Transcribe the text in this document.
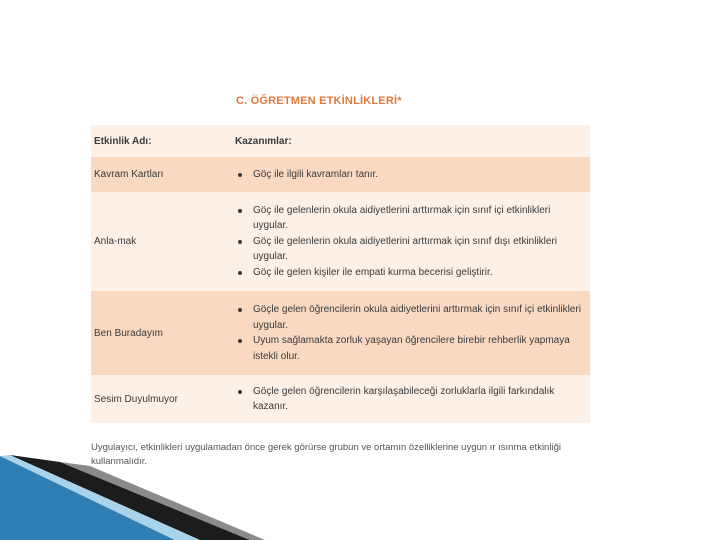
C. ÖĞRETMEN ETKİNLİKLERİ*
Etkinlik Adı:	Kazanımlar:
Kavram Kartları	Göç ile ilgili kavramları tanır.
Anla-mak
Göç ile gelenlerin okula aidiyetlerini arttırmak için sınıf içi etkinlikleri uygular.
Göç ile gelenlerin okula aidiyetlerini arttırmak için sınıf dışı etkinlikleri uygular.
Göç ile gelen kişiler ile empati kurma becerisi geliştirir.
Ben Buradayım
Göçle gelen öğrencilerin okula aidiyetlerini arttırmak için sınıf içi etkinlikleri uygular.
Uyum sağlamakta zorluk yaşayan öğrencilere birebir rehberlik yapmaya istekli olur.
Sesim Duyulmuyor
Göçle gelen öğrencilerin karşılaşabileceği zorluklarla ilgili farkındalık kazanır.
Uygulayıcı, etkinlikleri uygulamadan önce gerek görürse grubun ve ortamın özelliklerine uygun ır ısınma etkinliği kullanmalıdır.
